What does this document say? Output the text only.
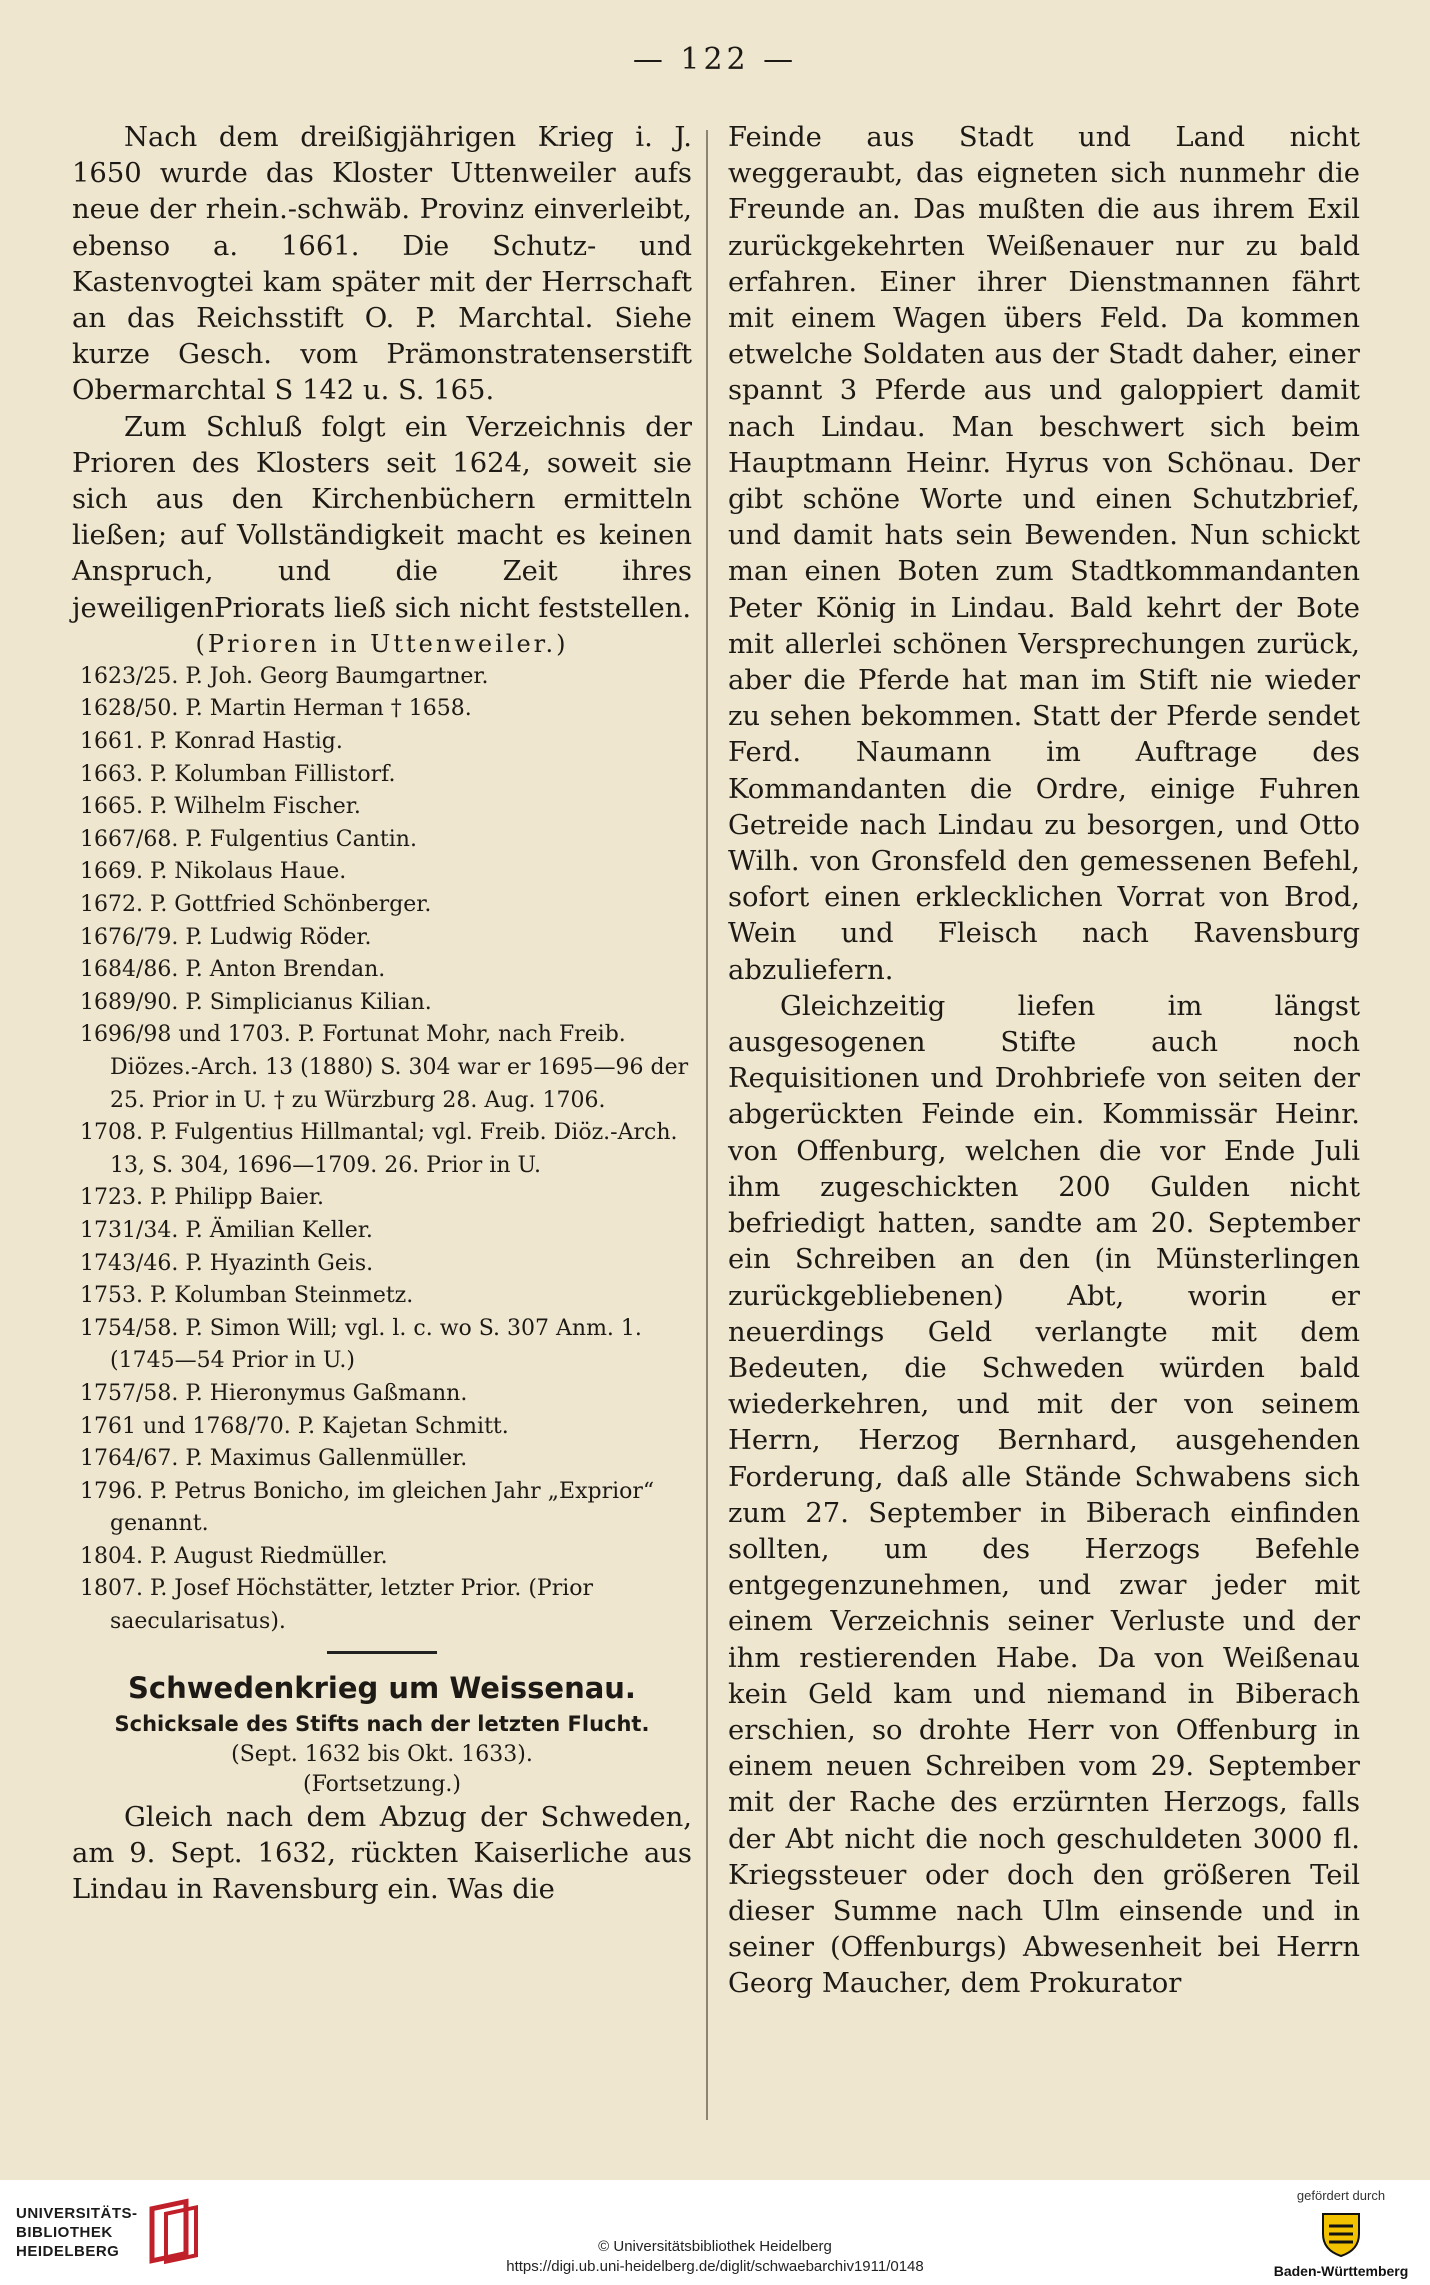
— 122 —

Nach dem dreißigjährigen Krieg i. J. 1650 wurde das Kloster Uttenweiler aufs neue der rhein.-schwäb. Provinz einverleibt, ebenso a. 1661. Die Schutz- und Kastenvogtei kam später mit der Herrschaft an das Reichsstift O. P. Marchtal. Siehe kurze Gesch. vom Prämonstratenserstift Obermarchtal S 142 u. S. 165.

Zum Schluß folgt ein Verzeichnis der Prioren des Klosters seit 1624, soweit sie sich aus den Kirchenbüchern ermitteln ließen; auf Vollständigkeit macht es keinen Anspruch, und die Zeit ihres jeweiligenPriorats ließ sich nicht feststellen.

(Prioren in Uttenweiler.)

1623/25. P. Joh. Georg Baumgartner.

1628/50. P. Martin Herman † 1658.

1661. P. Konrad Hastig.

1663. P. Kolumban Fillistorf.

1665. P. Wilhelm Fischer.

1667/68. P. Fulgentius Cantin.

1669. P. Nikolaus Haue.

1672. P. Gottfried Schönberger.

1676/79. P. Ludwig Röder.

1684/86. P. Anton Brendan.

1689/90. P. Simplicianus Kilian.

1696/98 und 1703. P. Fortunat Mohr, nach Freib. Diözes.-Arch. 13 (1880) S. 304 war er 1695—96 der 25. Prior in U. † zu Würzburg 28. Aug. 1706.

1708. P. Fulgentius Hillmantal; vgl. Freib. Diöz.-Arch. 13, S. 304, 1696—1709. 26. Prior in U.

1723. P. Philipp Baier.

1731/34. P. Ämilian Keller.

1743/46. P. Hyazinth Geis.

1753. P. Kolumban Steinmetz.

1754/58. P. Simon Will; vgl. l. c. wo S. 307 Anm. 1. (1745—54 Prior in U.)

1757/58. P. Hieronymus Gaßmann.

1761 und 1768/70. P. Kajetan Schmitt.

1764/67. P. Maximus Gallenmüller.

1796. P. Petrus Bonicho, im gleichen Jahr „Exprior“ genannt.

1804. P. August Riedmüller.

1807. P. Josef Höchstätter, letzter Prior. (Prior saecularisatus).

Schwedenkrieg um Weissenau.

Schicksale des Stifts nach der letzten Flucht.

(Sept. 1632 bis Okt. 1633).

(Fortsetzung.)

Gleich nach dem Abzug der Schweden, am 9. Sept. 1632, rückten Kaiserliche aus Lindau in Ravensburg ein. Was die

Feinde aus Stadt und Land nicht weggeraubt, das eigneten sich nunmehr die Freunde an. Das mußten die aus ihrem Exil zurückgekehrten Weißenauer nur zu bald erfahren. Einer ihrer Dienstmannen fährt mit einem Wagen übers Feld. Da kommen etwelche Soldaten aus der Stadt daher, einer spannt 3 Pferde aus und galoppiert damit nach Lindau. Man beschwert sich beim Hauptmann Heinr. Hyrus von Schönau. Der gibt schöne Worte und einen Schutzbrief, und damit hats sein Bewenden. Nun schickt man einen Boten zum Stadtkommandanten Peter König in Lindau. Bald kehrt der Bote mit allerlei schönen Versprechungen zurück, aber die Pferde hat man im Stift nie wieder zu sehen bekommen. Statt der Pferde sendet Ferd. Naumann im Auftrage des Kommandanten die Ordre, einige Fuhren Getreide nach Lindau zu besorgen, und Otto Wilh. von Gronsfeld den gemessenen Befehl, sofort einen erklecklichen Vorrat von Brod, Wein und Fleisch nach Ravensburg abzuliefern.

Gleichzeitig liefen im längst ausgesogenen Stifte auch noch Requisitionen und Drohbriefe von seiten der abgerückten Feinde ein. Kommissär Heinr. von Offenburg, welchen die vor Ende Juli ihm zugeschickten 200 Gulden nicht befriedigt hatten, sandte am 20. September ein Schreiben an den (in Münsterlingen zurückgebliebenen) Abt, worin er neuerdings Geld verlangte mit dem Bedeuten, die Schweden würden bald wiederkehren, und mit der von seinem Herrn, Herzog Bernhard, ausgehenden Forderung, daß alle Stände Schwabens sich zum 27. September in Biberach einfinden sollten, um des Herzogs Befehle entgegenzunehmen, und zwar jeder mit einem Verzeichnis seiner Verluste und der ihm restierenden Habe. Da von Weißenau kein Geld kam und niemand in Biberach erschien, so drohte Herr von Offenburg in einem neuen Schreiben vom 29. September mit der Rache des erzürnten Herzogs, falls der Abt nicht die noch geschuldeten 3000 fl. Kriegssteuer oder doch den größeren Teil dieser Summe nach Ulm einsende und in seiner (Offenburgs) Abwesenheit bei Herrn Georg Maucher, dem Prokurator

UNIVERSITÄTS-
BIBLIOTHEK
HEIDELBERG	© Universitätsbibliothek Heidelberg
https://digi.ub.uni-heidelberg.de/diglit/schwaebarchiv1911/0148
gefördert durch
Baden-Württemberg
